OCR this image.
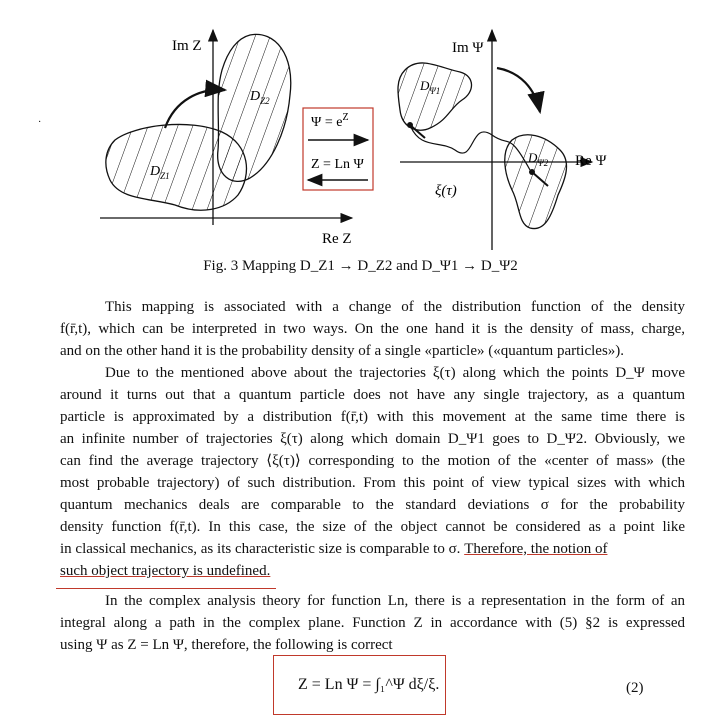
Im Z
Re Z
$D_{Z2}$
$D_{Z1}$
$\Psi = e^Z$
Z = Ln Ψ
Im Ψ
Re Ψ
$D_{\Psi 1}$
$D_{\Psi 2}$
ξ(τ)
·
Fig. 3 Mapping D_Z1 → D_Z2 and D_Ψ1 → D_Ψ2
This mapping is associated with a change of the distribution function of the density
f(r̄,t), which can be interpreted in two ways. On the one hand it is the density of mass, charge,
and on the other hand it is the probability density of a single «particle» («quantum particles»).
Due to the mentioned above about the trajectories ξ(τ) along which the points D_Ψ move
around it turns out that a quantum particle does not have any single trajectory, as a quantum
particle is approximated by a distribution f(r̄,t) with this movement at the same time there is
an infinite number of trajectories ξ(τ) along which domain D_Ψ1 goes to D_Ψ2. Obviously, we
can find the average trajectory ⟨ξ(τ)⟩ corresponding to the motion of the «center of mass» (the
most probable trajectory) of such distribution. From this point of view typical sizes with which
quantum mechanics deals are comparable to the standard deviations σ for the probability
density function f(r̄,t). In this case, the size of the object cannot be considered as a point like
in classical mechanics, as its characteristic size is comparable to σ. Therefore, the notion of
such object trajectory is undefined.
In the complex analysis theory for function Ln, there is a representation in the form of an
integral along a path in the complex plane. Function Z in accordance with (5) §2 is expressed
using Ψ as Z = Ln Ψ, therefore, the following is correct
Z = Ln Ψ = ∫₁^Ψ dξ/ξ.	(2)
